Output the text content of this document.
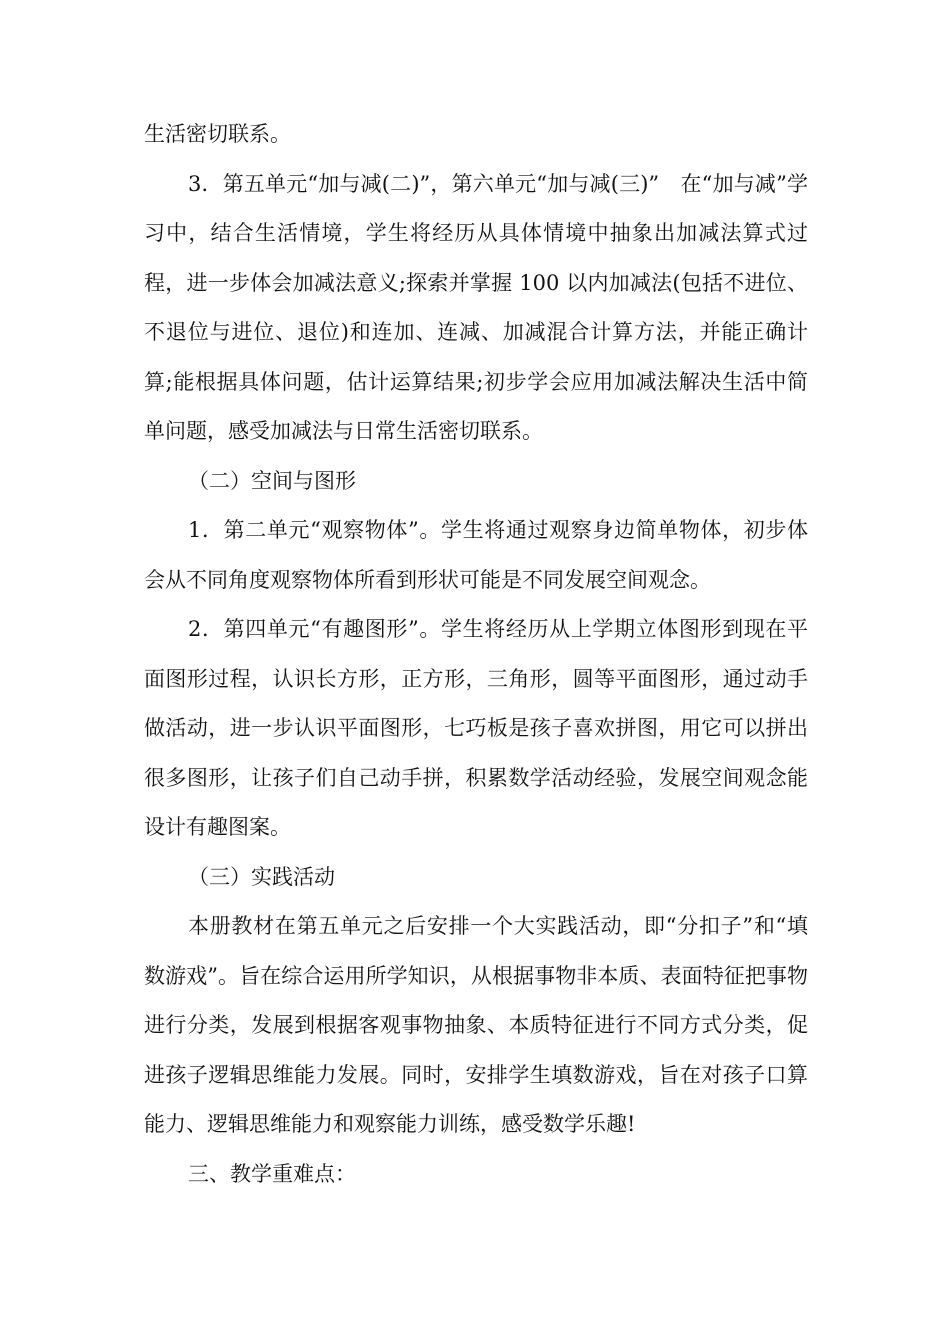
生活密切联系。

3．第五单元“加与减(二)”，第六单元“加与减(三)”　在“加与减”学习中，结合生活情境，学生将经历从具体情境中抽象出加减法算式过程，进一步体会加减法意义;探索并掌握 100 以内加减法(包括不进位、不退位与进位、退位)和连加、连减、加减混合计算方法，并能正确计算;能根据具体问题，估计运算结果;初步学会应用加减法解决生活中简单问题，感受加减法与日常生活密切联系。

（二）空间与图形

1．第二单元“观察物体”。学生将通过观察身边简单物体，初步体会从不同角度观察物体所看到形状可能是不同发展空间观念。

2．第四单元“有趣图形”。学生将经历从上学期立体图形到现在平面图形过程，认识长方形，正方形，三角形，圆等平面图形，通过动手做活动，进一步认识平面图形，七巧板是孩子喜欢拼图，用它可以拼出很多图形，让孩子们自己动手拼，积累数学活动经验，发展空间观念能设计有趣图案。

（三）实践活动

本册教材在第五单元之后安排一个大实践活动，即“分扣子”和“填数游戏”。旨在综合运用所学知识，从根据事物非本质、表面特征把事物进行分类，发展到根据客观事物抽象、本质特征进行不同方式分类，促进孩子逻辑思维能力发展。同时，安排学生填数游戏，旨在对孩子口算能力、逻辑思维能力和观察能力训练，感受数学乐趣!

三、教学重难点：
